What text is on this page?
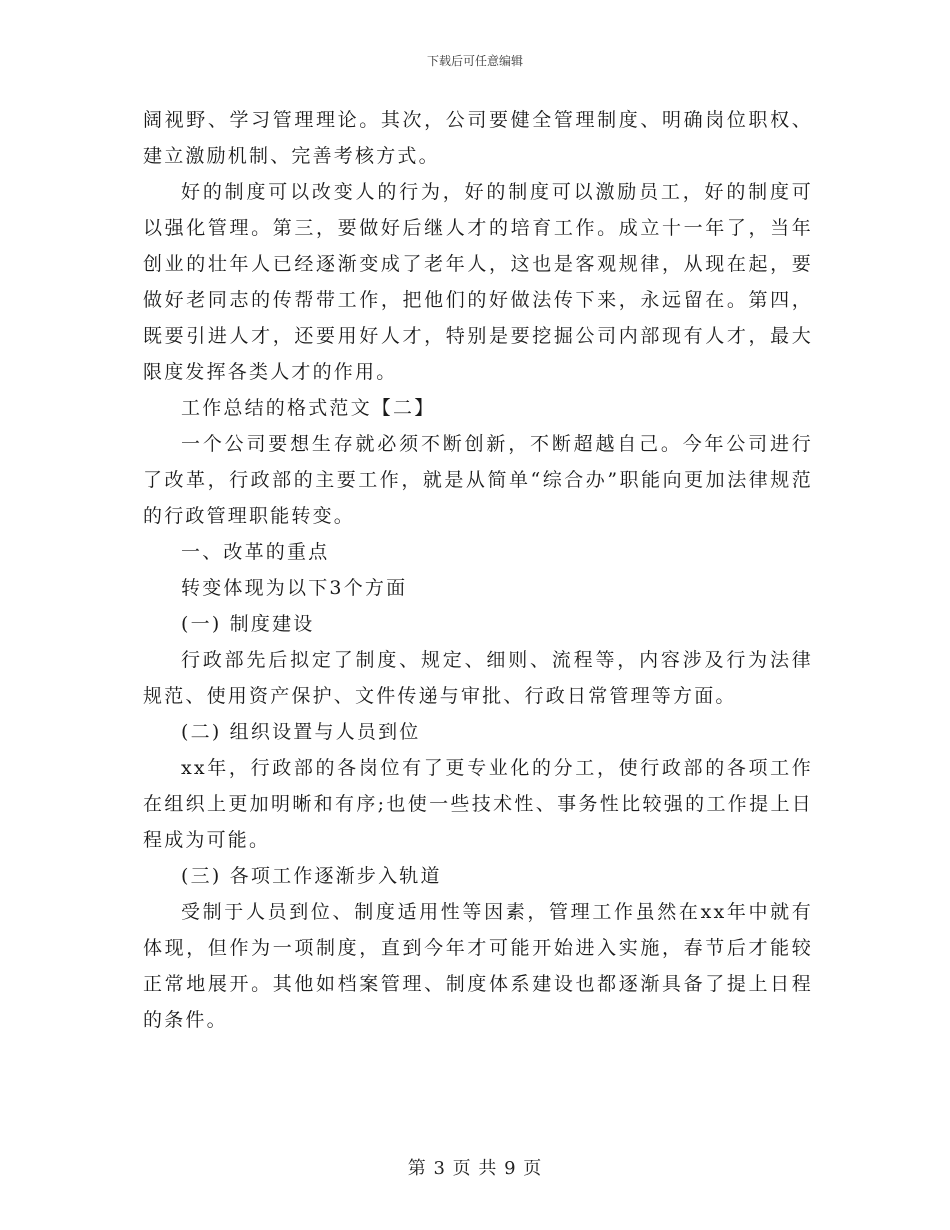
下载后可任意编辑

阔视野、学习管理理论。其次，公司要健全管理制度、明确岗位职权、建立激励机制、完善考核方式。

好的制度可以改变人的行为，好的制度可以激励员工，好的制度可以强化管理。第三，要做好后继人才的培育工作。成立十一年了，当年创业的壮年人已经逐渐变成了老年人，这也是客观规律，从现在起，要做好老同志的传帮带工作，把他们的好做法传下来，永远留在。第四，既要引进人才，还要用好人才，特别是要挖掘公司内部现有人才，最大限度发挥各类人才的作用。

工作总结的格式范文【二】

一个公司要想生存就必须不断创新，不断超越自己。今年公司进行了改革，行政部的主要工作，就是从简单“综合办”职能向更加法律规范的行政管理职能转变。

一、改革的重点

转变体现为以下3个方面

(一) 制度建设

行政部先后拟定了制度、规定、细则、流程等，内容涉及行为法律规范、使用资产保护、文件传递与审批、行政日常管理等方面。

(二) 组织设置与人员到位

xx年，行政部的各岗位有了更专业化的分工，使行政部的各项工作在组织上更加明晰和有序;也使一些技术性、事务性比较强的工作提上日程成为可能。

(三) 各项工作逐渐步入轨道

受制于人员到位、制度适用性等因素，管理工作虽然在xx年中就有体现，但作为一项制度，直到今年才可能开始进入实施，春节后才能较正常地展开。其他如档案管理、制度体系建设也都逐渐具备了提上日程的条件。

第 3 页 共 9 页
